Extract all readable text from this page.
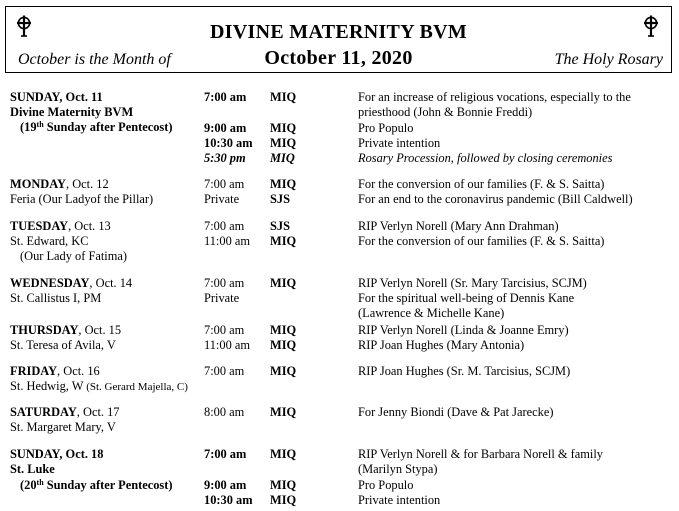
DIVINE MATERNITY BVM
October 11, 2020
October is the Month of	The Holy Rosary
SUNDAY, Oct. 11
Divine Maternity BVM
(19th Sunday after Pentecost)
7:00 am MIQ	For an increase of religious vocations, especially to the
priesthood (John & Bonnie Freddi)
9:00 am MIQ	Pro Populo
10:30 am MIQ	Private intention
5:30 pm MIQ	Rosary Procession, followed by closing ceremonies
MONDAY, Oct. 12
Feria (Our Ladyof the Pillar)
7:00 am MIQ	For the conversion of our families (F. & S. Saitta)
Private SJS	For an end to the coronavirus pandemic (Bill Caldwell)
TUESDAY, Oct. 13
St. Edward, KC
(Our Lady of Fatima)
7:00 am SJS	RIP Verlyn Norell (Mary Ann Drahman)
11:00 am MIQ	For the conversion of our families (F. & S. Saitta)
WEDNESDAY, Oct. 14
St. Callistus I, PM
7:00 am MIQ	RIP Verlyn Norell (Sr. Mary Tarcisius, SCJM)
Private	For the spiritual well-being of Dennis Kane
(Lawrence & Michelle Kane)
THURSDAY, Oct. 15
St. Teresa of Avila, V
7:00 am MIQ	RIP Verlyn Norell (Linda & Joanne Emry)
11:00 am MIQ	RIP Joan Hughes (Mary Antonia)
FRIDAY, Oct. 16
St. Hedwig, W (St. Gerard Majella, C)
7:00 am MIQ	RIP Joan Hughes (Sr. M. Tarcisius, SCJM)
SATURDAY, Oct. 17
St. Margaret Mary, V
8:00 am MIQ	For Jenny Biondi (Dave & Pat Jarecke)
SUNDAY, Oct. 18
St. Luke
(20th Sunday after Pentecost)
7:00 am MIQ	RIP Verlyn Norell & for Barbara Norell & family
(Marilyn Stypa)
9:00 am MIQ	Pro Populo
10:30 am MIQ	Private intention
